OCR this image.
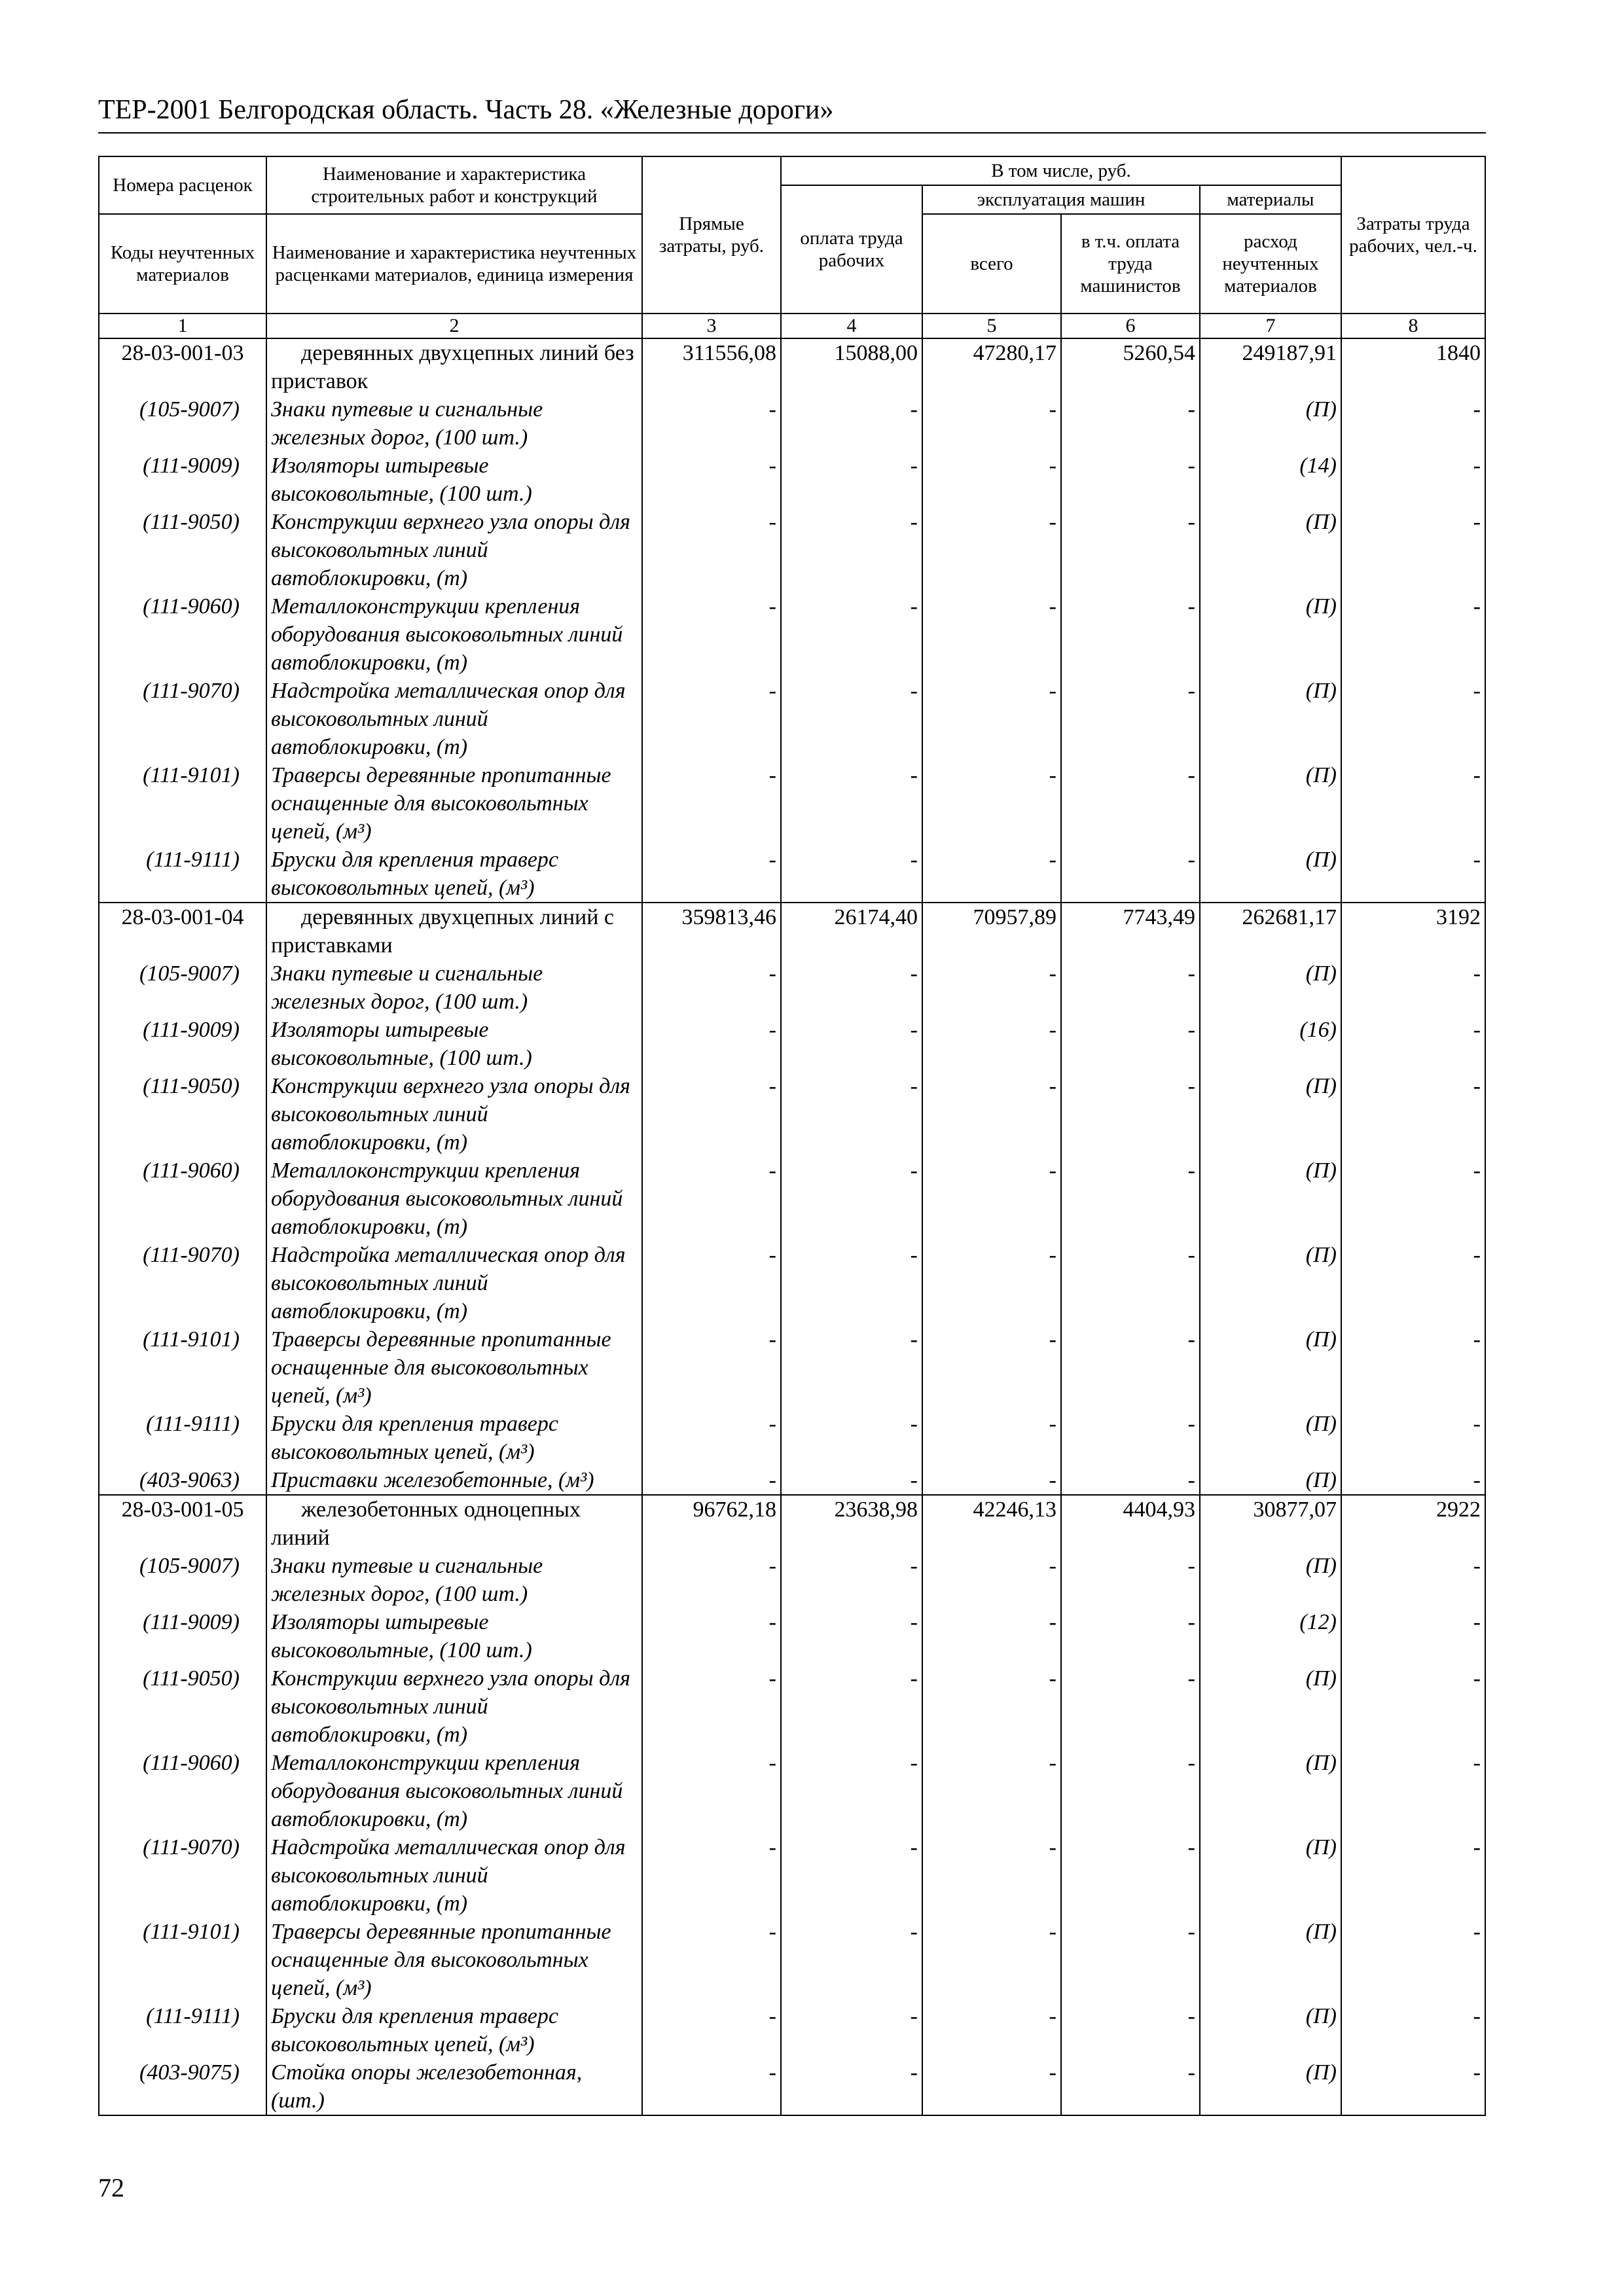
ТЕР-2001 Белгородская область. Часть 28. «Железные дороги»
Номера расценок	Наименование и характеристика строительных работ и конструкций	Прямые затраты, руб.	В том числе, руб.				Затраты труда рабочих, чел.-ч.
			оплата труда рабочих	эксплуатация машин		материалы	
Коды неучтенных материалов	Наименование и характеристика неучтенных расценками материалов, единица измерения			всего	в т.ч. оплата труда машинистов	расход неучтенных материалов	
1	2	3	4	5	6	7	8
28-03-001-03	деревянных двухцепных линий без приставок	311556,08	15088,00	47280,17	5260,54	249187,91	1840
(105-9007)	Знаки путевые и сигнальные железных дорог, (100 шт.)	-	-	-	-	(П)	-
(111-9009)	Изоляторы штыревые высоковольтные, (100 шт.)	-	-	-	-	(14)	-
(111-9050)	Конструкции верхнего узла опоры для высоковольтных линий автоблокировки, (т)	-	-	-	-	(П)	-
(111-9060)	Металлоконструкции крепления оборудования высоковольтных линий автоблокировки, (т)	-	-	-	-	(П)	-
(111-9070)	Надстройка металлическая опор для высоковольтных линий автоблокировки, (т)	-	-	-	-	(П)	-
(111-9101)	Траверсы деревянные пропитанные оснащенные для высоковольтных цепей, (м³)	-	-	-	-	(П)	-
(111-9111)	Бруски для крепления траверс высоковольтных цепей, (м³)	-	-	-	-	(П)	-
28-03-001-04	деревянных двухцепных линий с приставками	359813,46	26174,40	70957,89	7743,49	262681,17	3192
(105-9007)	Знаки путевые и сигнальные железных дорог, (100 шт.)	-	-	-	-	(П)	-
(111-9009)	Изоляторы штыревые высоковольтные, (100 шт.)	-	-	-	-	(16)	-
(111-9050)	Конструкции верхнего узла опоры для высоковольтных линий автоблокировки, (т)	-	-	-	-	(П)	-
(111-9060)	Металлоконструкции крепления оборудования высоковольтных линий автоблокировки, (т)	-	-	-	-	(П)	-
(111-9070)	Надстройка металлическая опор для высоковольтных линий автоблокировки, (т)	-	-	-	-	(П)	-
(111-9101)	Траверсы деревянные пропитанные оснащенные для высоковольтных цепей, (м³)	-	-	-	-	(П)	-
(111-9111)	Бруски для крепления траверс высоковольтных цепей, (м³)	-	-	-	-	(П)	-
(403-9063)	Приставки железобетонные, (м³)	-	-	-	-	(П)	-
28-03-001-05	железобетонных одноцепных линий	96762,18	23638,98	42246,13	4404,93	30877,07	2922
(105-9007)	Знаки путевые и сигнальные железных дорог, (100 шт.)	-	-	-	-	(П)	-
(111-9009)	Изоляторы штыревые высоковольтные, (100 шт.)	-	-	-	-	(12)	-
(111-9050)	Конструкции верхнего узла опоры для высоковольтных линий автоблокировки, (т)	-	-	-	-	(П)	-
(111-9060)	Металлоконструкции крепления оборудования высоковольтных линий автоблокировки, (т)	-	-	-	-	(П)	-
(111-9070)	Надстройка металлическая опор для высоковольтных линий автоблокировки, (т)	-	-	-	-	(П)	-
(111-9101)	Траверсы деревянные пропитанные оснащенные для высоковольтных цепей, (м³)	-	-	-	-	(П)	-
(111-9111)	Бруски для крепления траверс высоковольтных цепей, (м³)	-	-	-	-	(П)	-
(403-9075)	Стойка опоры железобетонная, (шт.)	-	-	-	-	(П)	-
72
